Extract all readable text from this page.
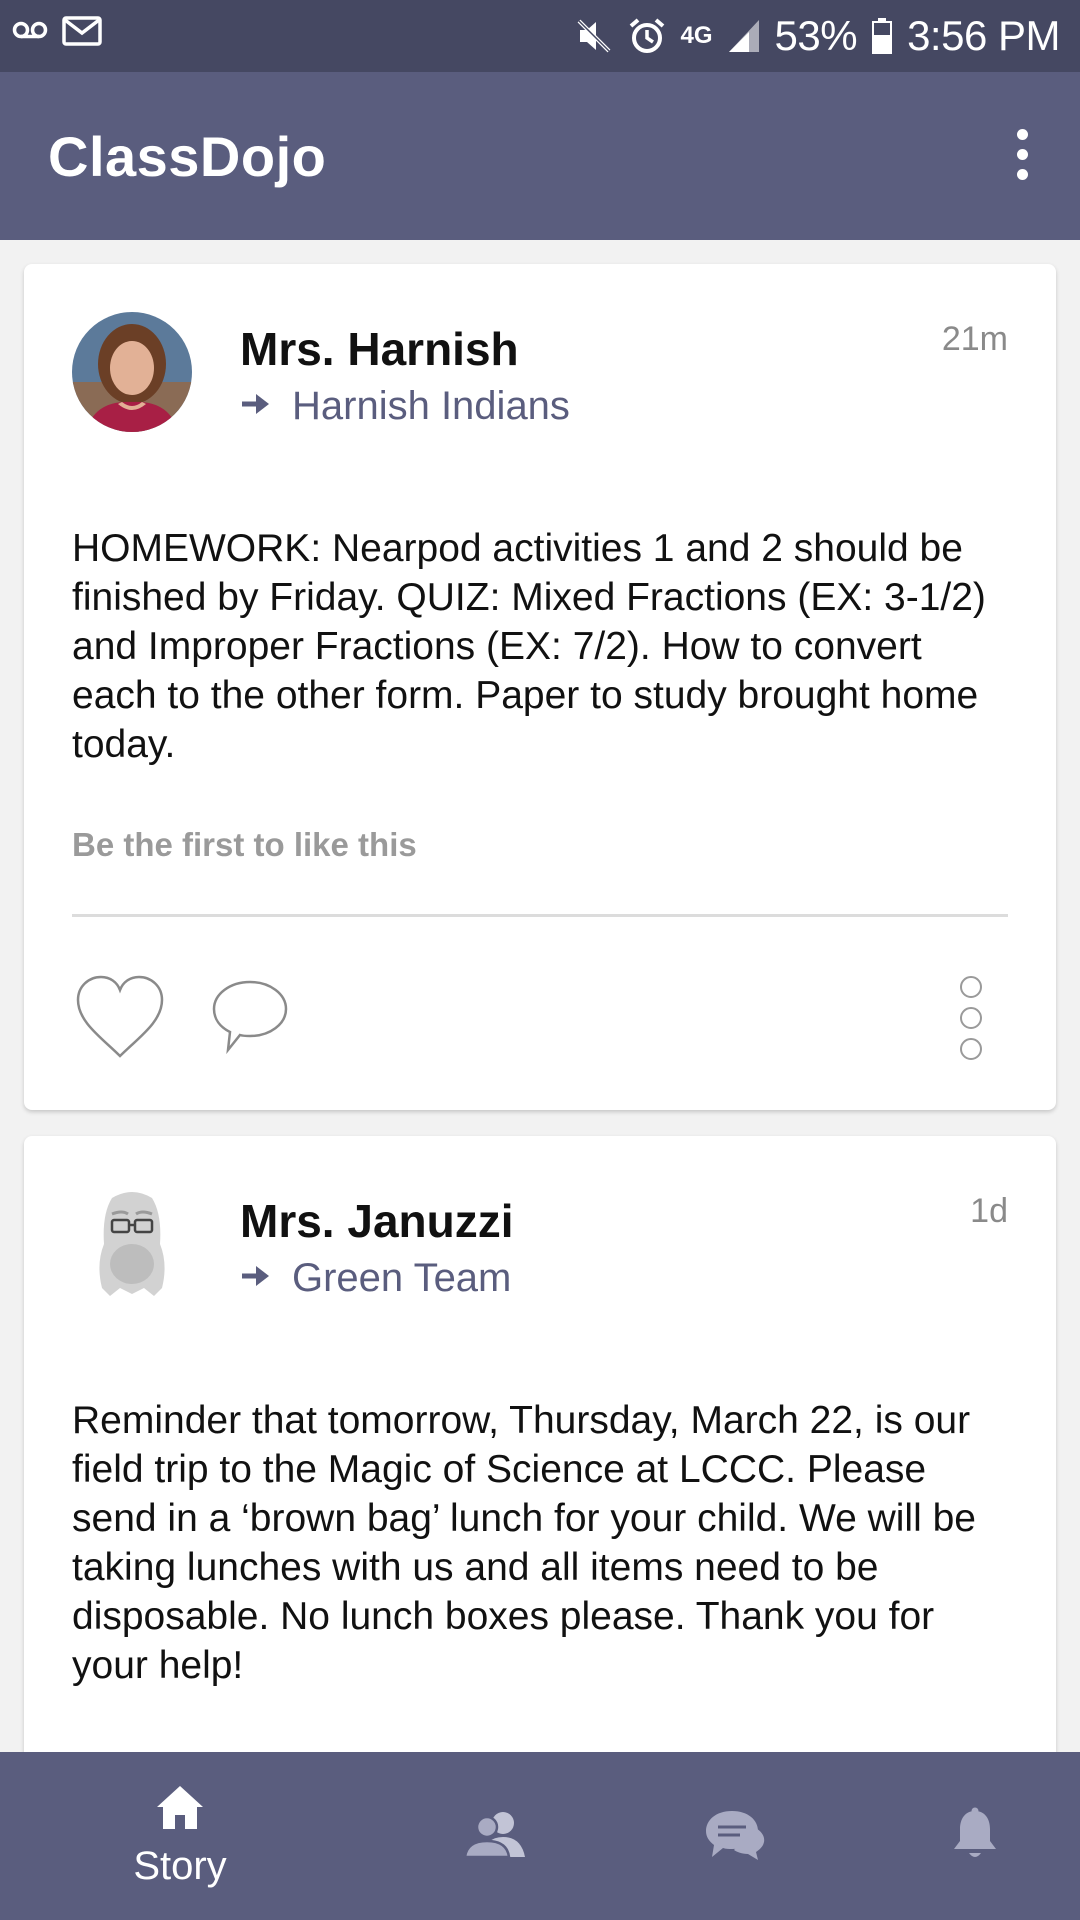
4G 53% 3:56 PM
ClassDojo
Mrs. Harnish
Harnish Indians
21m
HOMEWORK: Nearpod activities 1 and 2 should be finished by Friday. QUIZ: Mixed Fractions (EX: 3-1/2) and Improper Fractions (EX: 7/2). How to convert each to the other form. Paper to study brought home today.
Be the first to like this
Mrs. Januzzi
Green Team
1d
Reminder that tomorrow, Thursday, March 22, is our field trip to the Magic of Science at LCCC. Please send in a ‘brown bag’ lunch for your child. We will be taking lunches with us and all items need to be disposable. No lunch boxes please. Thank you for your help!
Story
